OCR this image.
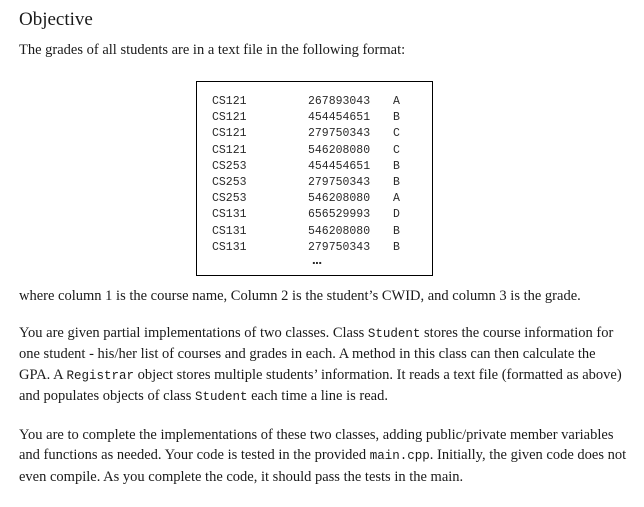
Objective
The grades of all students are in a text file in the following format:
CS121	267893043 A
CS121	454454651 B
CS121	279750343 C
CS121	546208080 C
CS253	454454651 B
CS253	279750343 B
CS253	546208080 A
CS131	656529993 D
CS131	546208080 B
CS131	279750343 B
...
where column 1 is the course name, Column 2 is the student’s CWID, and column 3 is the grade.
You are given partial implementations of two classes. Class Student stores the course information for one student - his/her list of courses and grades in each. A method in this class can then calculate the GPA. A Registrar object stores multiple students’ information. It reads a text file (formatted as above) and populates objects of class Student each time a line is read.
You are to complete the implementations of these two classes, adding public/private member variables and functions as needed. Your code is tested in the provided main.cpp. Initially, the given code does not even compile. As you complete the code, it should pass the tests in the main.
